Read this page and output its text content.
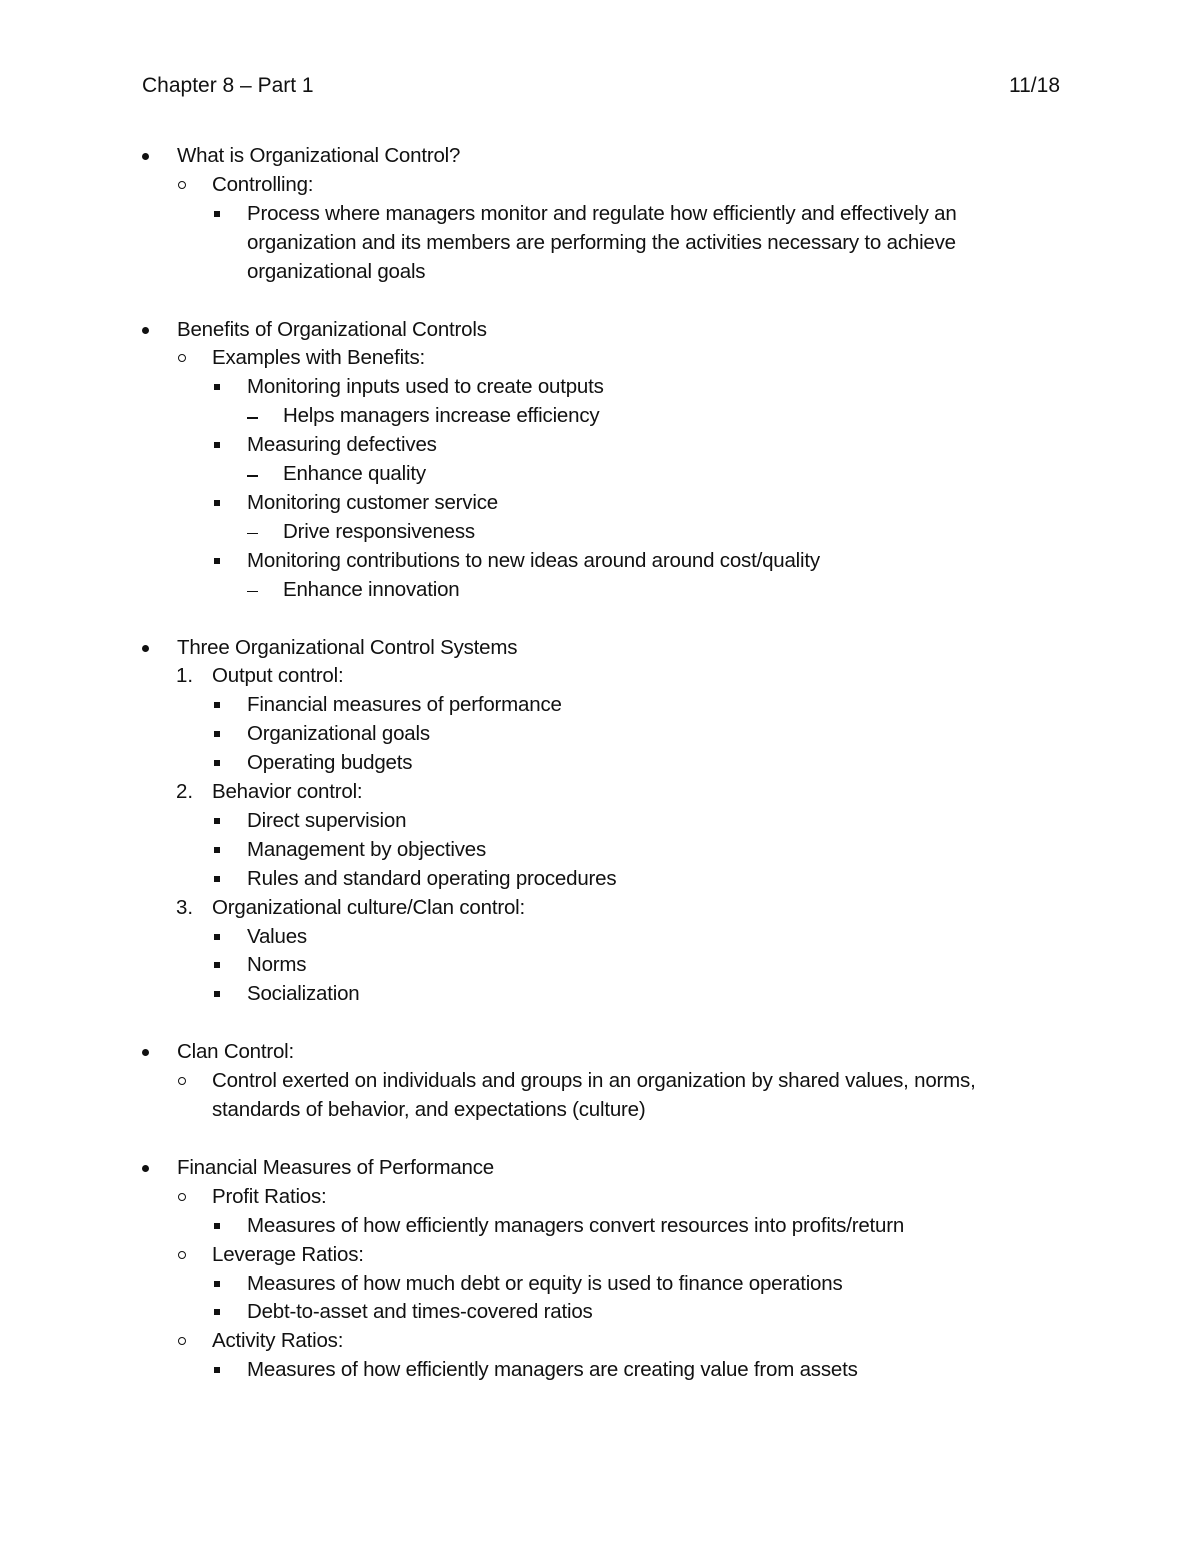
Chapter 8 – Part 1	11/18
What is Organizational Control?
Controlling:
Process where managers monitor and regulate how efficiently and effectively an
organization and its members are performing the activities necessary to achieve
organizational goals
Benefits of Organizational Controls
Examples with Benefits:
Monitoring inputs used to create outputs
Helps managers increase efficiency
Measuring defectives
Enhance quality
Monitoring customer service
Drive responsiveness
Monitoring contributions to new ideas around around cost/quality
Enhance innovation
Three Organizational Control Systems
1. Output control:
Financial measures of performance
Organizational goals
Operating budgets
2. Behavior control:
Direct supervision
Management by objectives
Rules and standard operating procedures
3. Organizational culture/Clan control:
Values
Norms
Socialization
Clan Control:
Control exerted on individuals and groups in an organization by shared values, norms,
standards of behavior, and expectations (culture)
Financial Measures of Performance
Profit Ratios:
Measures of how efficiently managers convert resources into profits/return
Leverage Ratios:
Measures of how much debt or equity is used to finance operations
Debt-to-asset and times-covered ratios
Activity Ratios:
Measures of how efficiently managers are creating value from assets
